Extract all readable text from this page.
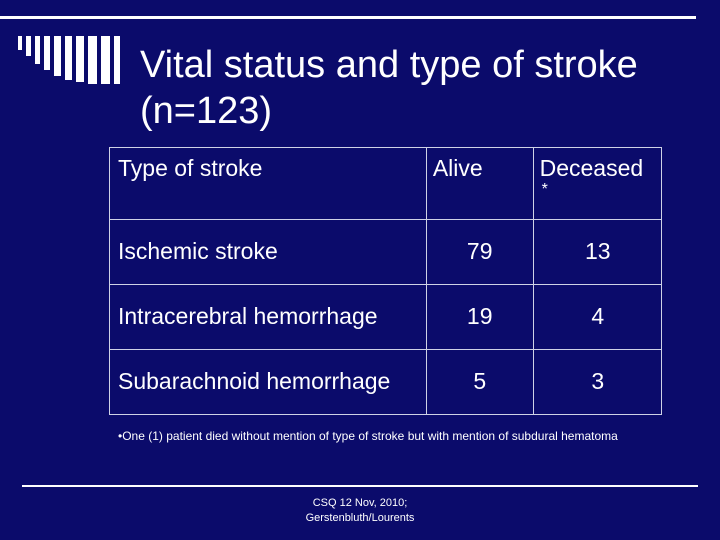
Vital status and type of stroke (n=123)
Type of stroke	Alive	Deceased
*

Ischemic stroke	79	13
Intracerebral hemorrhage	19	4
Subarachnoid hemorrhage	5	3
•One (1) patient died without mention of type of stroke but with mention of subdural hematoma
CSQ 12 Nov, 2010;
Gerstenbluth/Lourents
